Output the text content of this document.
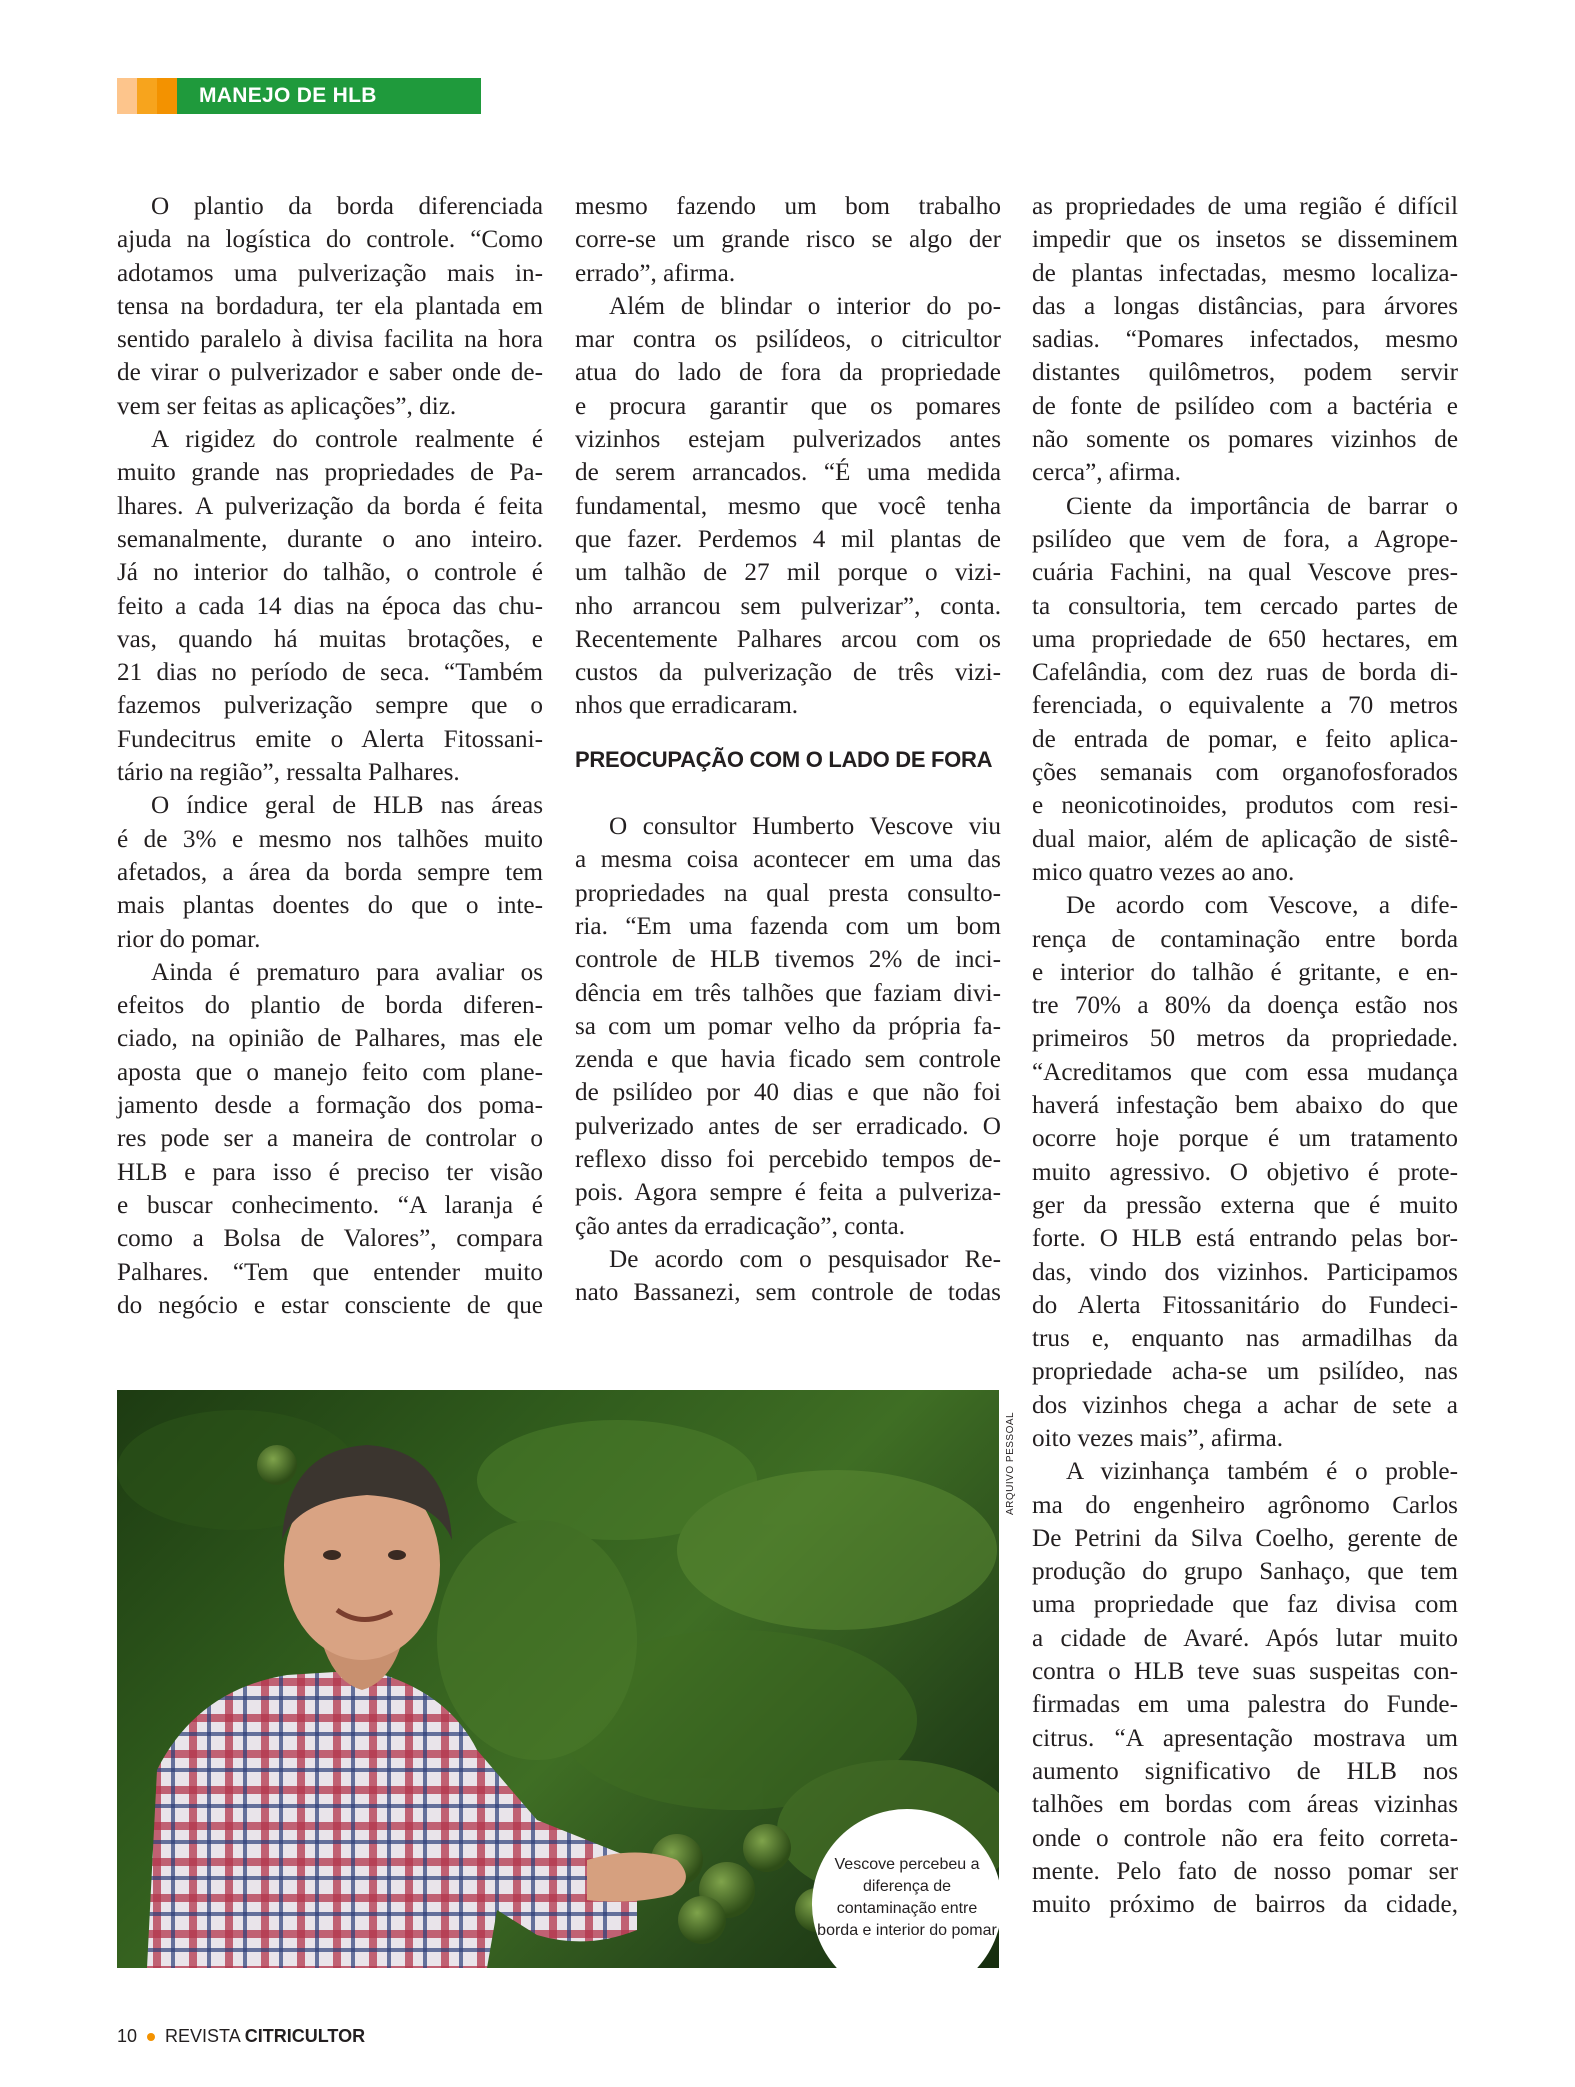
MANEJO DE HLB
O plantio da borda diferenciada
ajuda na logística do controle. “Como
adotamos uma pulverização mais in-
tensa na bordadura, ter ela plantada em
sentido paralelo à divisa facilita na hora
de virar o pulverizador e saber onde de-
vem ser feitas as aplicações”, diz.
A rigidez do controle realmente é
muito grande nas propriedades de Pa-
lhares. A pulverização da borda é feita
semanalmente, durante o ano inteiro.
Já no interior do talhão, o controle é
feito a cada 14 dias na época das chu-
vas, quando há muitas brotações, e
21 dias no período de seca. “Também
fazemos pulverização sempre que o
Fundecitrus emite o Alerta Fitossani-
tário na região”, ressalta Palhares.
O índice geral de HLB nas áreas
é de 3% e mesmo nos talhões muito
afetados, a área da borda sempre tem
mais plantas doentes do que o inte-
rior do pomar.
Ainda é prematuro para avaliar os
efeitos do plantio de borda diferen-
ciado, na opinião de Palhares, mas ele
aposta que o manejo feito com plane-
jamento desde a formação dos poma-
res pode ser a maneira de controlar o
HLB e para isso é preciso ter visão
e buscar conhecimento. “A laranja é
como a Bolsa de Valores”, compara
Palhares. “Tem que entender muito
do negócio e estar consciente de que
mesmo fazendo um bom trabalho
corre-se um grande risco se algo der
errado”, afirma.
Além de blindar o interior do po-
mar contra os psilídeos, o citricultor
atua do lado de fora da propriedade
e procura garantir que os pomares
vizinhos estejam pulverizados antes
de serem arrancados. “É uma medida
fundamental, mesmo que você tenha
que fazer. Perdemos 4 mil plantas de
um talhão de 27 mil porque o vizi-
nho arrancou sem pulverizar”, conta.
Recentemente Palhares arcou com os
custos da pulverização de três vizi-
nhos que erradicaram.
PREOCUPAÇÃO COM O LADO DE FORA
O consultor Humberto Vescove viu
a mesma coisa acontecer em uma das
propriedades na qual presta consulto-
ria. “Em uma fazenda com um bom
controle de HLB tivemos 2% de inci-
dência em três talhões que faziam divi-
sa com um pomar velho da própria fa-
zenda e que havia ficado sem controle
de psilídeo por 40 dias e que não foi
pulverizado antes de ser erradicado. O
reflexo disso foi percebido tempos de-
pois. Agora sempre é feita a pulveriza-
ção antes da erradicação”, conta.
De acordo com o pesquisador Re-
nato Bassanezi, sem controle de todas
as propriedades de uma região é difícil
impedir que os insetos se disseminem
de plantas infectadas, mesmo localiza-
das a longas distâncias, para árvores
sadias. “Pomares infectados, mesmo
distantes quilômetros, podem servir
de fonte de psilídeo com a bactéria e
não somente os pomares vizinhos de
cerca”, afirma.
Ciente da importância de barrar o
psilídeo que vem de fora, a Agrope-
cuária Fachini, na qual Vescove pres-
ta consultoria, tem cercado partes de
uma propriedade de 650 hectares, em
Cafelândia, com dez ruas de borda di-
ferenciada, o equivalente a 70 metros
de entrada de pomar, e feito aplica-
ções semanais com organofosforados
e neonicotinoides, produtos com resi-
dual maior, além de aplicação de sistê-
mico quatro vezes ao ano.
De acordo com Vescove, a dife-
rença de contaminação entre borda
e interior do talhão é gritante, e en-
tre 70% a 80% da doença estão nos
primeiros 50 metros da propriedade.
“Acreditamos que com essa mudança
haverá infestação bem abaixo do que
ocorre hoje porque é um tratamento
muito agressivo. O objetivo é prote-
ger da pressão externa que é muito
forte. O HLB está entrando pelas bor-
das, vindo dos vizinhos. Participamos
do Alerta Fitossanitário do Fundeci-
trus e, enquanto nas armadilhas da
propriedade acha-se um psilídeo, nas
dos vizinhos chega a achar de sete a
oito vezes mais”, afirma.
A vizinhança também é o proble-
ma do engenheiro agrônomo Carlos
De Petrini da Silva Coelho, gerente de
produção do grupo Sanhaço, que tem
uma propriedade que faz divisa com
a cidade de Avaré. Após lutar muito
contra o HLB teve suas suspeitas con-
firmadas em uma palestra do Funde-
citrus. “A apresentação mostrava um
aumento significativo de HLB nos
talhões em bordas com áreas vizinhas
onde o controle não era feito correta-
mente. Pelo fato de nosso pomar ser
muito próximo de bairros da cidade,
ARQUIVO PESSOAL
Vescove percebeu a diferença de contaminação entre borda e interior do pomar
10 REVISTA CITRICULTOR
